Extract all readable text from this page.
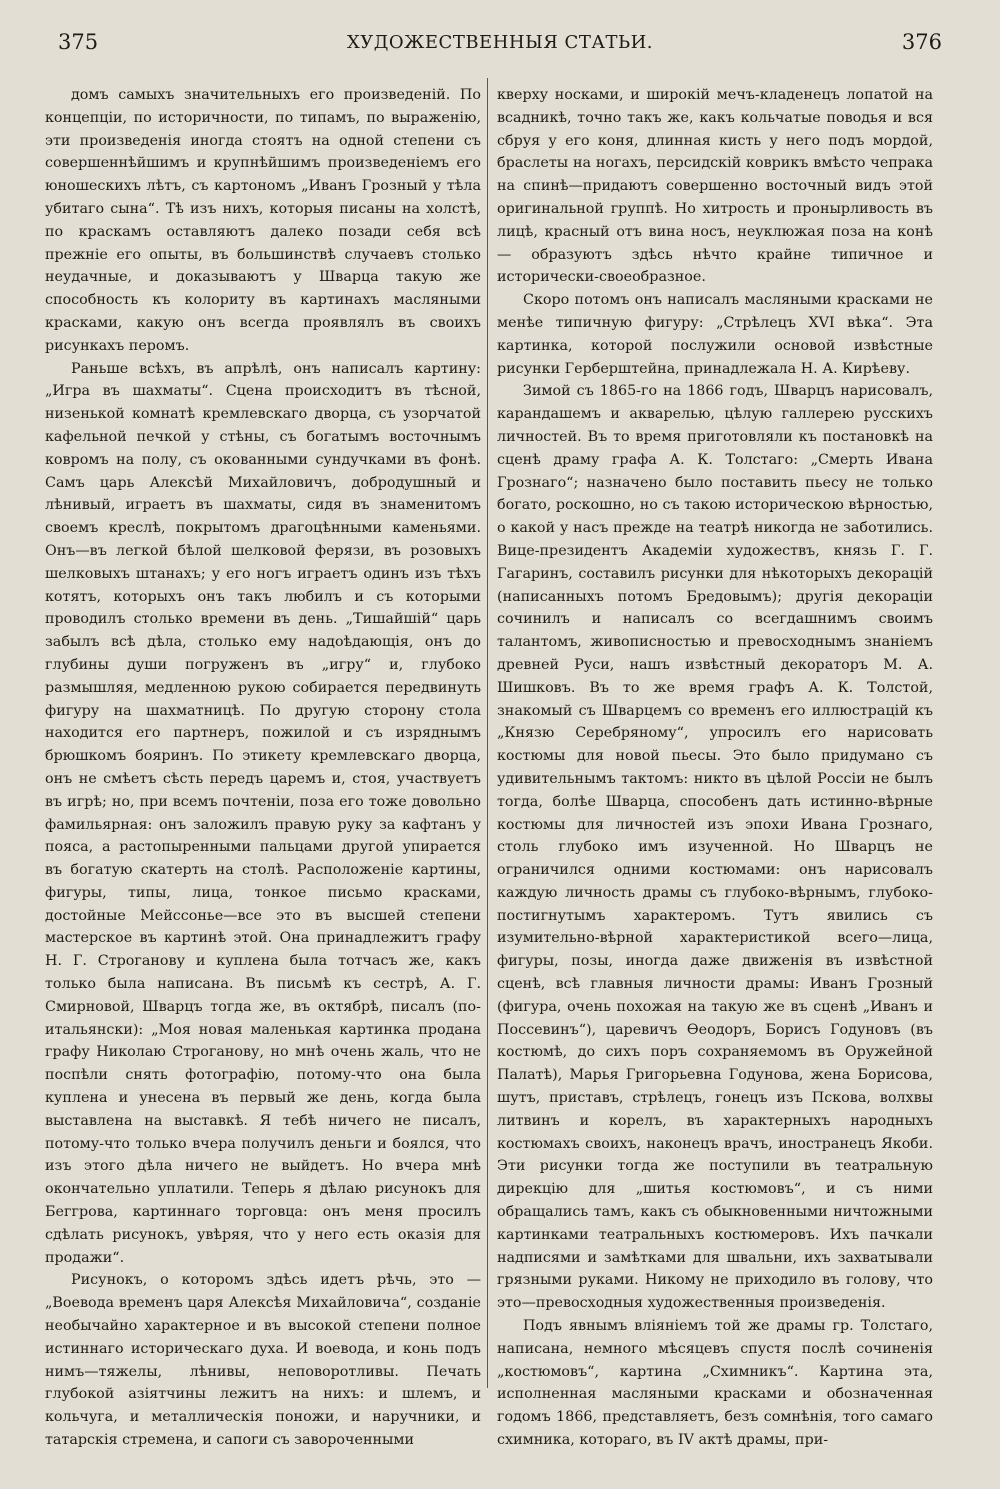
375	ХУДОЖЕСТВЕННЫЯ СТАТЬИ.	376

домъ самыхъ значительныхъ его произведеній. По концепціи, по историчности, по типамъ, по выраженію, эти произведенія иногда стоятъ на одной степени съ совершеннѣйшимъ и крупнѣйшимъ произведеніемъ его юношескихъ лѣтъ, съ картономъ „Иванъ Грозный у тѣла убитаго сына“. Тѣ изъ нихъ, которыя писаны на холстѣ, по краскамъ оставляютъ далеко позади себя всѣ прежніе его опыты, въ большинствѣ случаевъ столько неудачные, и доказываютъ у Шварца такую же способность къ колориту въ картинахъ масляными красками, какую онъ всегда проявлялъ въ своихъ рисункахъ перомъ.

Раньше всѣхъ, въ апрѣлѣ, онъ написалъ картину: „Игра въ шахматы“. Сцена происходитъ въ тѣсной, низенькой комнатѣ кремлевскаго дворца, съ узорчатой кафельной печкой у стѣны, съ богатымъ восточнымъ ковромъ на полу, съ окованными сундучками въ фонѣ. Самъ царь Алексѣй Михайловичъ, добродушный и лѣнивый, играетъ въ шахматы, сидя въ знаменитомъ своемъ креслѣ, покрытомъ драгоцѣнными каменьями. Онъ—въ легкой бѣлой шелковой ферязи, въ розовыхъ шелковыхъ штанахъ; у его ногъ играетъ одинъ изъ тѣхъ котятъ, которыхъ онъ такъ любилъ и съ которыми проводилъ столько времени въ день. „Тишайшій“ царь забылъ всѣ дѣла, столько ему надоѣдающія, онъ до глубины души погруженъ въ „игру“ и, глубоко размышляя, медленною рукою собирается передвинуть фигуру на шахматницѣ. По другую сторону стола находится его партнеръ, пожилой и съ изряднымъ брюшкомъ бояринъ. По этикету кремлевскаго дворца, онъ не смѣетъ сѣсть передъ царемъ и, стоя, участвуетъ въ игрѣ; но, при всемъ почтеніи, поза его тоже довольно фамильярная: онъ заложилъ правую руку за кафтанъ у пояса, а растопыренными пальцами другой упирается въ богатую скатерть на столѣ. Расположеніе картины, фигуры, типы, лица, тонкое письмо красками, достойные Мейссонье—все это въ высшей степени мастерское въ картинѣ этой. Она принадлежитъ графу Н. Г. Строганову и куплена была тотчасъ же, какъ только была написана. Въ письмѣ къ сестрѣ, А. Г. Смирновой, Шварцъ тогда же, въ октябрѣ, писалъ (по-итальянски): „Моя новая маленькая картинка продана графу Николаю Строганову, но мнѣ очень жаль, что не поспѣли снять фотографію, потому-что она была куплена и унесена въ первый же день, когда была выставлена на выставкѣ. Я тебѣ ничего не писалъ, потому-что только вчера получилъ деньги и боялся, что изъ этого дѣла ничего не выйдетъ. Но вчера мнѣ окончательно уплатили. Теперь я дѣлаю рисунокъ для Беггрова, картиннаго торговца: онъ меня просилъ сдѣлать рисунокъ, увѣряя, что у него есть оказія для продажи“.

Рисунокъ, о которомъ здѣсь идетъ рѣчь, это — „Воевода временъ царя Алексѣя Михайловича“, созданіе необычайно характерное и въ высокой степени полное истиннаго историческаго духа. И воевода, и конь подъ нимъ—тяжелы, лѣнивы, неповоротливы. Печать глубокой азіятчины лежитъ на нихъ: и шлемъ, и кольчуга, и металлическія поножи, и наручники, и татарскія стремена, и сапоги съ завороченными

кверху носками, и широкій мечъ-кладенецъ лопатой на всадникѣ, точно такъ же, какъ кольчатые поводья и вся сбруя у его коня, длинная кисть у него подъ мордой, браслеты на ногахъ, персидскій коврикъ вмѣсто чепрака на спинѣ—придаютъ совершенно восточный видъ этой оригинальной группѣ. Но хитрость и пронырливость въ лицѣ, красный отъ вина носъ, неуклюжая поза на конѣ — образуютъ здѣсь нѣчто крайне типичное и исторически-своеобразное.

Скоро потомъ онъ написалъ масляными красками не менѣе типичную фигуру: „Стрѣлецъ XVI вѣка“. Эта картинка, которой послужили основой извѣстные рисунки Герберштейна, принадлежала Н. А. Кирѣеву.

Зимой съ 1865-го на 1866 годъ, Шварцъ нарисовалъ, карандашемъ и акварелью, цѣлую галлерею русскихъ личностей. Въ то время приготовляли къ постановкѣ на сценѣ драму графа А. К. Толстаго: „Смерть Ивана Грознаго“; назначено было поставить пьесу не только богато, роскошно, но съ такою историческою вѣрностью, о какой у насъ прежде на театрѣ никогда не заботились. Вице-президентъ Академіи художествъ, князь Г. Г. Гагаринъ, составилъ рисунки для нѣкоторыхъ декорацій (написанныхъ потомъ Бредовымъ); другія декораціи сочинилъ и написалъ со всегдашнимъ своимъ талантомъ, живописностью и превосходнымъ знаніемъ древней Руси, нашъ извѣстный декораторъ М. А. Шишковъ. Въ то же время графъ А. К. Толстой, знакомый съ Шварцемъ со временъ его иллюстрацій къ „Князю Серебряному“, упросилъ его нарисовать костюмы для новой пьесы. Это было придумано съ удивительнымъ тактомъ: никто въ цѣлой Россіи не былъ тогда, болѣе Шварца, способенъ дать истинно-вѣрные костюмы для личностей изъ эпохи Ивана Грознаго, столь глубоко имъ изученной. Но Шварцъ не ограничился одними костюмами: онъ нарисовалъ каждую личность драмы съ глубоко-вѣрнымъ, глубоко-постигнутымъ характеромъ. Тутъ явились съ изумительно-вѣрной характеристикой всего—лица, фигуры, позы, иногда даже движенія въ извѣстной сценѣ, всѣ главныя личности драмы: Иванъ Грозный (фигура, очень похожая на такую же въ сценѣ „Иванъ и Поссевинъ“), царевичъ Ѳеодоръ, Борисъ Годуновъ (въ костюмѣ, до сихъ поръ сохраняемомъ въ Оружейной Палатѣ), Марья Григорьевна Годунова, жена Борисова, шутъ, приставъ, стрѣлецъ, гонецъ изъ Пскова, волхвы литвинъ и корелъ, въ характерныхъ народныхъ костюмахъ своихъ, наконецъ врачъ, иностранецъ Якоби. Эти рисунки тогда же поступили въ театральную дирекцію для „шитья костюмовъ“, и съ ними обращались тамъ, какъ съ обыкновенными ничтожными картинками театральныхъ костюмеровъ. Ихъ пачкали надписями и замѣтками для швальни, ихъ захватывали грязными руками. Никому не приходило въ голову, что это—превосходныя художественныя произведенія.

Подъ явнымъ вліяніемъ той же драмы гр. Толстаго, написана, немного мѣсяцевъ спустя послѣ сочиненія „костюмовъ“, картина „Схимникъ“. Картина эта, исполненная масляными красками и обозначенная годомъ 1866, представляетъ, безъ сомнѣнія, того самаго схимника, котораго, въ IV актѣ драмы, при-
